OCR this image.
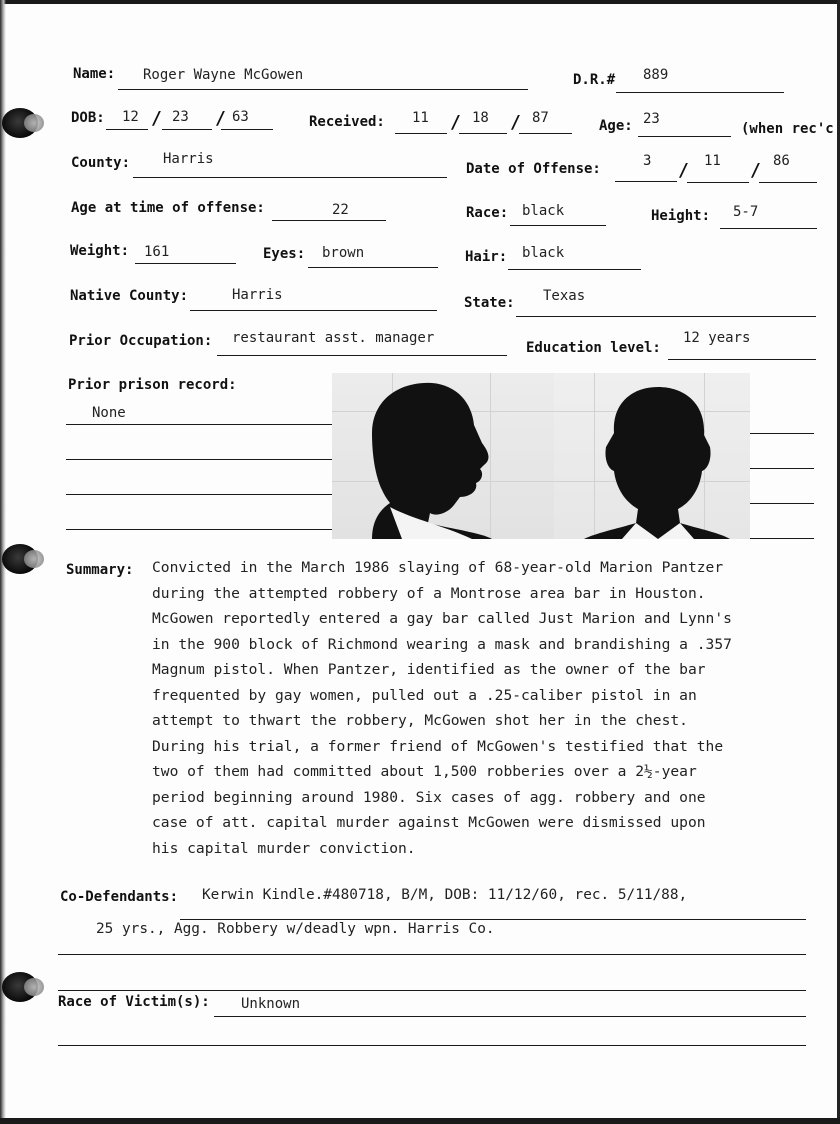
Name: Roger Wayne McGowen	D.R.# 889
DOB: 12 / 23 / 63	Received: 11 / 18 / 87	Age: 23
(when rec'c
County: Harris
Date of Offense:	3 / 11 / 86
Age at time of offense:	22	Race: black	Height: 5-7
Weight: 161	Eyes: brown	Hair: black
Native County:	Harris	State: Texas
Prior Occupation: restaurant asst. manager
Education level:
12 years
Prior prison record:
None
Summary: Convicted in the March 1986 slaying of 68-year-old Marion Pantzer
during the attempted robbery of a Montrose area bar in Houston.
McGowen reportedly entered a gay bar called Just Marion and Lynn's
in the 900 block of Richmond wearing a mask and brandishing a .357
Magnum pistol. When Pantzer, identified as the owner of the bar
frequented by gay women, pulled out a .25-caliber pistol in an
attempt to thwart the robbery, McGowen shot her in the chest.
During his trial, a former friend of McGowen's testified that the
two of them had committed about 1,500 robberies over a 2½-year
period beginning around 1980. Six cases of agg. robbery and one
case of att. capital murder against McGowen were dismissed upon
his capital murder conviction.
Co-Defendants: Kerwin Kindle.#480718, B/M, DOB: 11/12/60, rec. 5/11/88,
25 yrs., Agg. Robbery w/deadly wpn. Harris Co.
Race of Victim(s): Unknown
